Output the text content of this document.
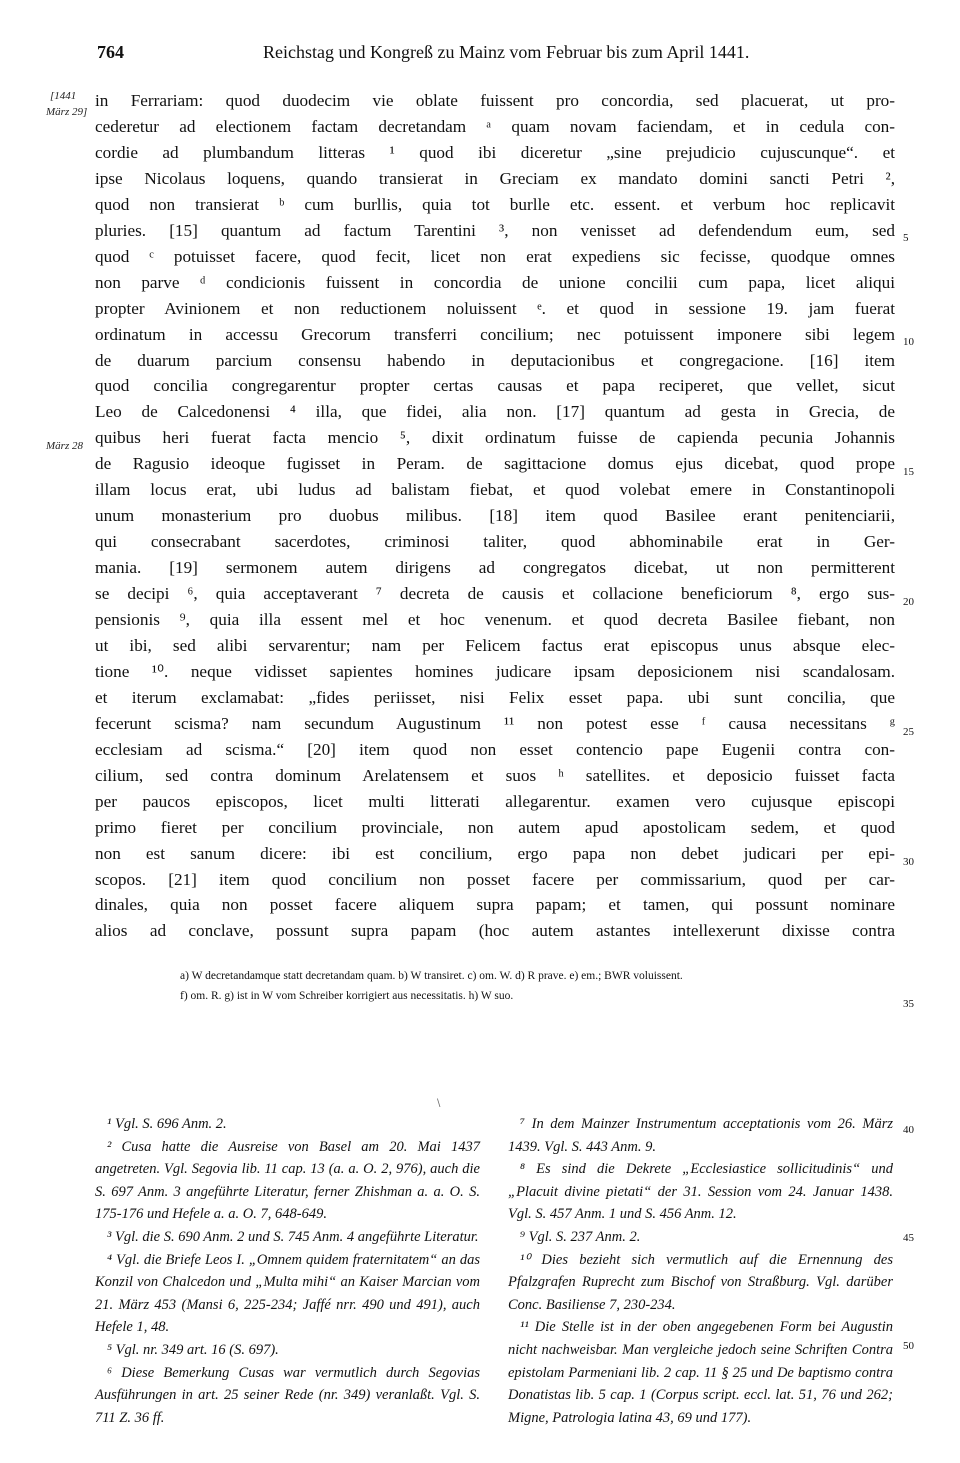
764	Reichstag und Kongreß zu Mainz vom Februar bis zum April 1441.
[1441
März 29]
März 28
in Ferrariam: quod duodecim vie oblate fuissent pro concordia, sed placuerat, ut pro-
cederetur ad electionem factam decretandam ᵃ quam novam faciendam, et in cedula con-
cordie ad plumbandum litteras ¹ quod ibi diceretur „sine prejudicio cujuscunque“. et
ipse Nicolaus loquens, quando transierat in Greciam ex mandato domini sancti Petri ²,
quod non transierat ᵇ cum burllis, quia tot burlle etc. essent. et verbum hoc replicavit
pluries. [15] quantum ad factum Tarentini ³, non venisset ad defendendum eum, sed
quod ᶜ potuisset facere, quod fecit, licet non erat expediens sic fecisse, quodque omnes
non parve ᵈ condicionis fuissent in concordia de unione concilii cum papa, licet aliqui
propter Avinionem et non reductionem noluissent ᵉ. et quod in sessione 19. jam fuerat
ordinatum in accessu Grecorum transferri concilium; nec potuissent imponere sibi legem
de duarum parcium consensu habendo in deputacionibus et congregacione. [16] item
quod concilia congregarentur propter certas causas et papa reciperet, que vellet, sicut
Leo de Calcedonensi ⁴ illa, que fidei, alia non. [17] quantum ad gesta in Grecia, de
quibus heri fuerat facta mencio ⁵, dixit ordinatum fuisse de capienda pecunia Johannis
de Ragusio ideoque fugisset in Peram. de sagittacione domus ejus dicebat, quod prope
illam locus erat, ubi ludus ad balistam fiebat, et quod volebat emere in Constantinopoli
unum monasterium pro duobus milibus. [18] item quod Basilee erant penitenciarii,
qui consecrabant sacerdotes, criminosi taliter, quod abhominabile erat in Ger-
mania. [19] sermonem autem dirigens ad congregatos dicebat, ut non permitterent
se decipi ⁶, quia acceptaverant ⁷ decreta de causis et collacione beneficiorum ⁸, ergo sus-
pensionis ⁹, quia illa essent mel et hoc venenum. et quod decreta Basilee fiebant, non
ut ibi, sed alibi servarentur; nam per Felicem factus erat episcopus unus absque elec-
tione ¹⁰. neque vidisset sapientes homines judicare ipsam deposicionem nisi scandalosam.
et iterum exclamabat: „fides periisset, nisi Felix esset papa. ubi sunt concilia, que
fecerunt scisma? nam secundum Augustinum ¹¹ non potest esse ᶠ causa necessitans ᵍ
ecclesiam ad scisma.“ [20] item quod non esset contencio pape Eugenii contra con-
cilium, sed contra dominum Arelatensem et suos ʰ satellites. et deposicio fuisset facta
per paucos episcopos, licet multi litterati allegarentur. examen vero cujusque episcopi
primo fieret per concilium provinciale, non autem apud apostolicam sedem, et quod
non est sanum dicere: ibi est concilium, ergo papa non debet judicari per epi-
scopos. [21] item quod concilium non posset facere per commissarium, quod per car-
dinales, quia non posset facere aliquem supra papam; et tamen, qui possunt nominare
alios ad conclave, possunt supra papam (hoc autem astantes intellexerunt dixisse contra
5
10
15
20
25
30
35
40
45
50
a) W decretandamque statt decretandam quam. b) W transiret. c) om. W. d) R prave. e) em.; BWR voluissent.
f) om. R. g) ist in W vom Schreiber korrigiert aus necessitatis. h) W suo.
\
¹ Vgl. S. 696 Anm. 2.
² Cusa hatte die Ausreise von Basel am 20. Mai 1437 angetreten. Vgl. Segovia lib. 11 cap. 13 (a. a. O. 2, 976), auch die S. 697 Anm. 3 angeführte Literatur, ferner Zhishman a. a. O. S. 175-176 und Hefele a. a. O. 7, 648-649.
³ Vgl. die S. 690 Anm. 2 und S. 745 Anm. 4 angeführte Literatur.
⁴ Vgl. die Briefe Leos I. „Omnem quidem fraternitatem“ an das Konzil von Chalcedon und „Multa mihi“ an Kaiser Marcian vom 21. März 453 (Mansi 6, 225-234; Jaffé nrr. 490 und 491), auch Hefele 1, 48.
⁵ Vgl. nr. 349 art. 16 (S. 697).
⁶ Diese Bemerkung Cusas war vermutlich durch Segovias Ausführungen in art. 25 seiner Rede (nr. 349) veranlaßt. Vgl. S. 711 Z. 36 ff.
⁷ In dem Mainzer Instrumentum acceptationis vom 26. März 1439. Vgl. S. 443 Anm. 9.
⁸ Es sind die Dekrete „Ecclesiastice sollicitudinis“ und „Placuit divine pietati“ der 31. Session vom 24. Januar 1438. Vgl. S. 457 Anm. 1 und S. 456 Anm. 12.
⁹ Vgl. S. 237 Anm. 2.
¹⁰ Dies bezieht sich vermutlich auf die Ernennung des Pfalzgrafen Ruprecht zum Bischof von Straßburg. Vgl. darüber Conc. Basiliense 7, 230-234.
¹¹ Die Stelle ist in der oben angegebenen Form bei Augustin nicht nachweisbar. Man vergleiche jedoch seine Schriften Contra epistolam Parmeniani lib. 2 cap. 11 § 25 und De baptismo contra Donatistas lib. 5 cap. 1 (Corpus script. eccl. lat. 51, 76 und 262; Migne, Patrologia latina 43, 69 und 177).
